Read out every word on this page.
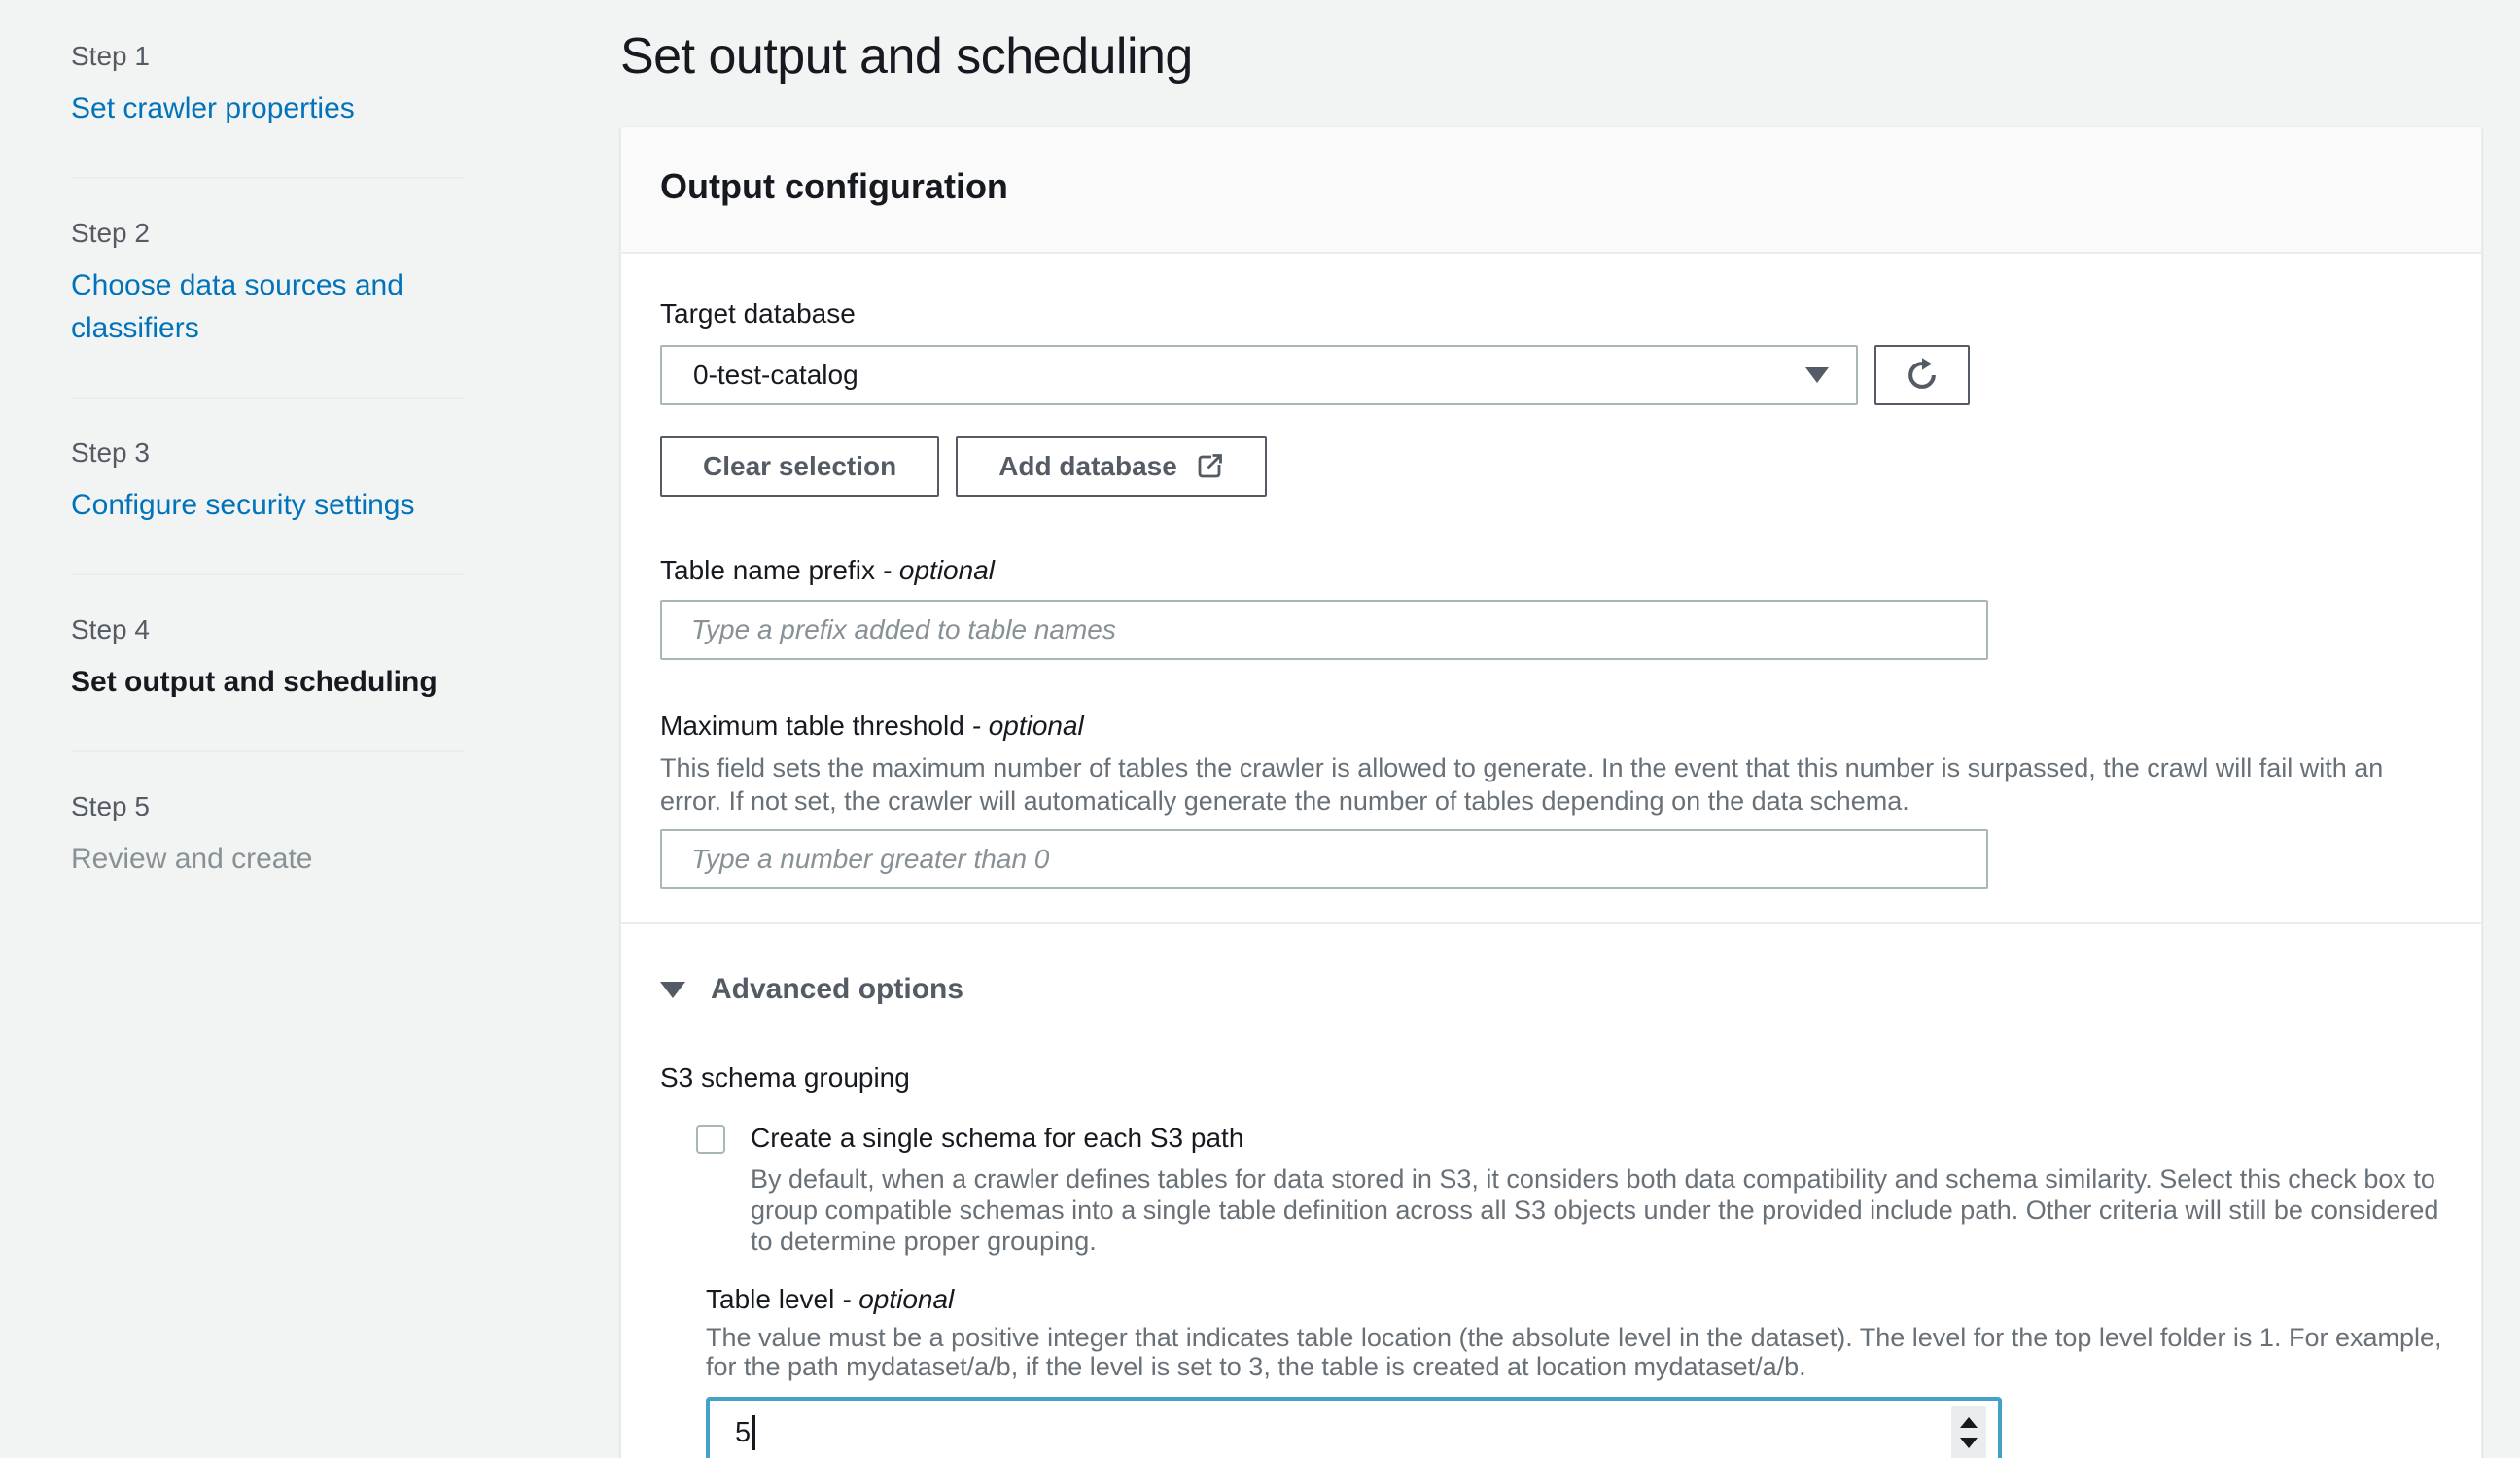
Step 1
Set crawler properties
Step 2
Choose data sources and classifiers
Step 3
Configure security settings
Step 4
Set output and scheduling
Step 5
Review and create
Set output and scheduling
Output configuration
Target database
0-test-catalog
Clear selection	Add database
Table name prefix - optional
Type a prefix added to table names
Maximum table threshold - optional
This field sets the maximum number of tables the crawler is allowed to generate. In the event that this number is surpassed, the crawl will fail with an error. If not set, the crawler will automatically generate the number of tables depending on the data schema.
Type a number greater than 0
Advanced options
S3 schema grouping
Create a single schema for each S3 path
By default, when a crawler defines tables for data stored in S3, it considers both data compatibility and schema similarity. Select this check box to group compatible schemas into a single table definition across all S3 objects under the provided include path. Other criteria will still be considered to determine proper grouping.
Table level - optional
The value must be a positive integer that indicates table location (the absolute level in the dataset). The level for the top level folder is 1. For example, for the path mydataset/a/b, if the level is set to 3, the table is created at location mydataset/a/b.
5
